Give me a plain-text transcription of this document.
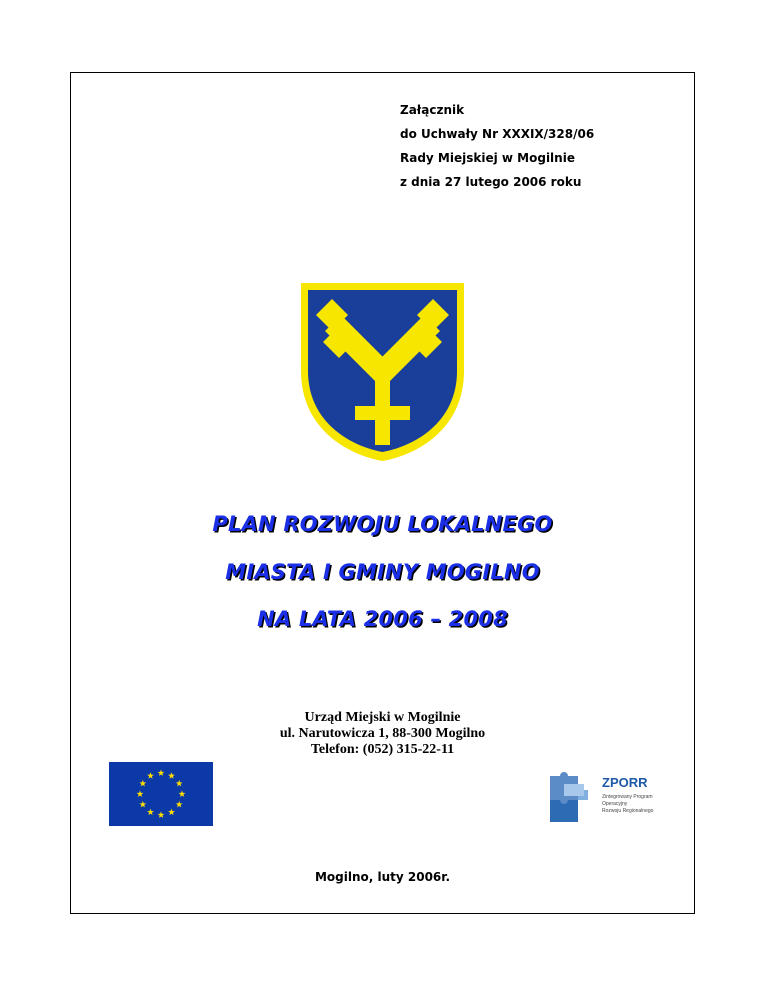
Załącznik
do Uchwały Nr XXXIX/328/06
Rady Miejskiej w Mogilnie
z dnia 27 lutego 2006 roku
PLAN ROZWOJU LOKALNEGO
MIASTA I GMINY MOGILNO
NA LATA 2006 – 2008
Urząd Miejski w Mogilnie
ul. Narutowicza 1, 88-300 Mogilno
Telefon: (052) 315-22-11
ZPORR
Zintegrowany Program
Operacyjny
Rozwoju Regionalnego
Mogilno, luty 2006r.
